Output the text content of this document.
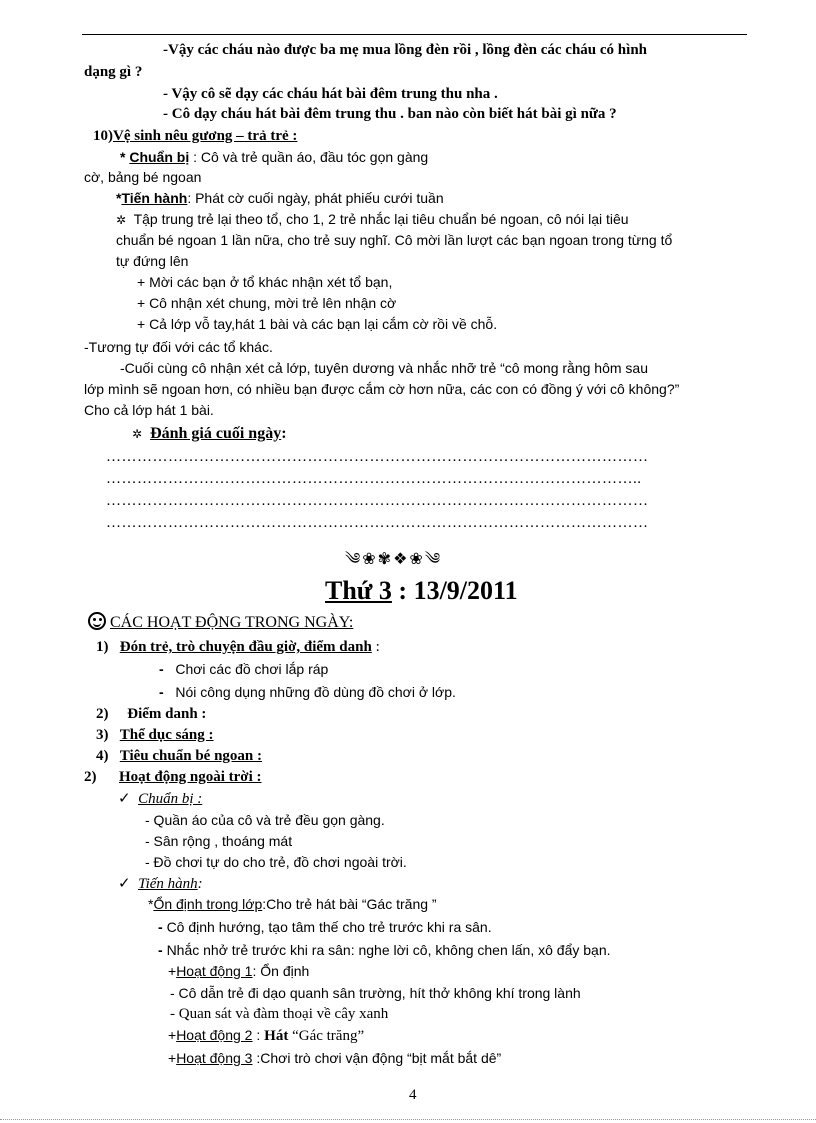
-Vậy các cháu nào được ba mẹ mua lồng đèn rồi , lồng đèn các cháu có hình
dạng gì ?
- Vậy cô sẽ dạy các cháu hát bài đêm trung thu nha .
- Cô dạy cháu hát bài đêm trung thu . ban nào còn biết hát bài gì nữa ?
10)Vệ sinh nêu gương – trả trẻ :
* Chuẩn bị : Cô và trẻ quần áo, đầu tóc gọn gàng
cờ, bảng bé ngoan
*Tiến hành: Phát cờ cuối ngày, phát phiếu cưới tuần
✲ Tập trung trẻ lại theo tổ, cho 1, 2 trẻ nhắc lại tiêu chuẩn bé ngoan, cô nói lại tiêu
chuẩn bé ngoan 1 lần nữa, cho trẻ suy nghĩ. Cô mời lần lượt các bạn ngoan trong từng tổ
tự đứng lên
+ Mời các bạn ở tổ khác nhận xét tổ bạn,
+ Cô nhận xét chung, mời trẻ lên nhận cờ
+ Cả lớp vỗ tay,hát 1 bài và các bạn lại cắm cờ rồi về chỗ.
-Tương tự đối với các tổ khác.
-Cuối cùng cô nhận xét cả lớp, tuyên dương và nhắc nhỡ trẻ “cô mong rằng hôm sau
lớp mình sẽ ngoan hơn, có nhiều bạn được cắm cờ hơn nữa, các con có đồng ý với cô không?”
Cho cả lớp hát 1 bài.
✲ Đánh giá cuối ngày:
……………………………………………………………………………………………
…………………………………………………………………………………………..
……………………………………………………………………………………………
……………………………………………………………………………………………
༄❀✾❖❀༄
Thứ 3 : 13/9/2011
CÁC HOẠT ĐỘNG TRONG NGÀY:
1) Đón trẻ, trò chuyện đầu giờ, điểm danh :
- Chơi các đồ chơi lắp ráp
- Nói công dụng những đồ dùng đồ chơi ở lớp.
2) Điểm danh :
3) Thể dục sáng :
4) Tiêu chuẩn bé ngoan :
2) Hoạt động ngoài trời :
✓ Chuẩn bị :
- Quần áo của cô và trẻ đều gọn gàng.
- Sân rộng , thoáng mát
- Đồ chơi tự do cho trẻ, đồ chơi ngoài trời.
✓ Tiến hành:
*Ổn định trong lớp:Cho trẻ hát bài “Gác trăng ”
- Cô định hướng, tạo tâm thế cho trẻ trước khi ra sân.
- Nhắc nhở trẻ trước khi ra sân: nghe lời cô, không chen lấn, xô đẩy bạn.
+Hoạt động 1: Ổn định
- Cô dẫn trẻ đi dạo quanh sân trường, hít thở không khí trong lành
- Quan sát và đàm thoại về cây xanh
+Hoạt động 2 : Hát “Gác trăng”
+Hoạt động 3 :Chơi trò chơi vận động “bịt mắt bắt dê”
4
